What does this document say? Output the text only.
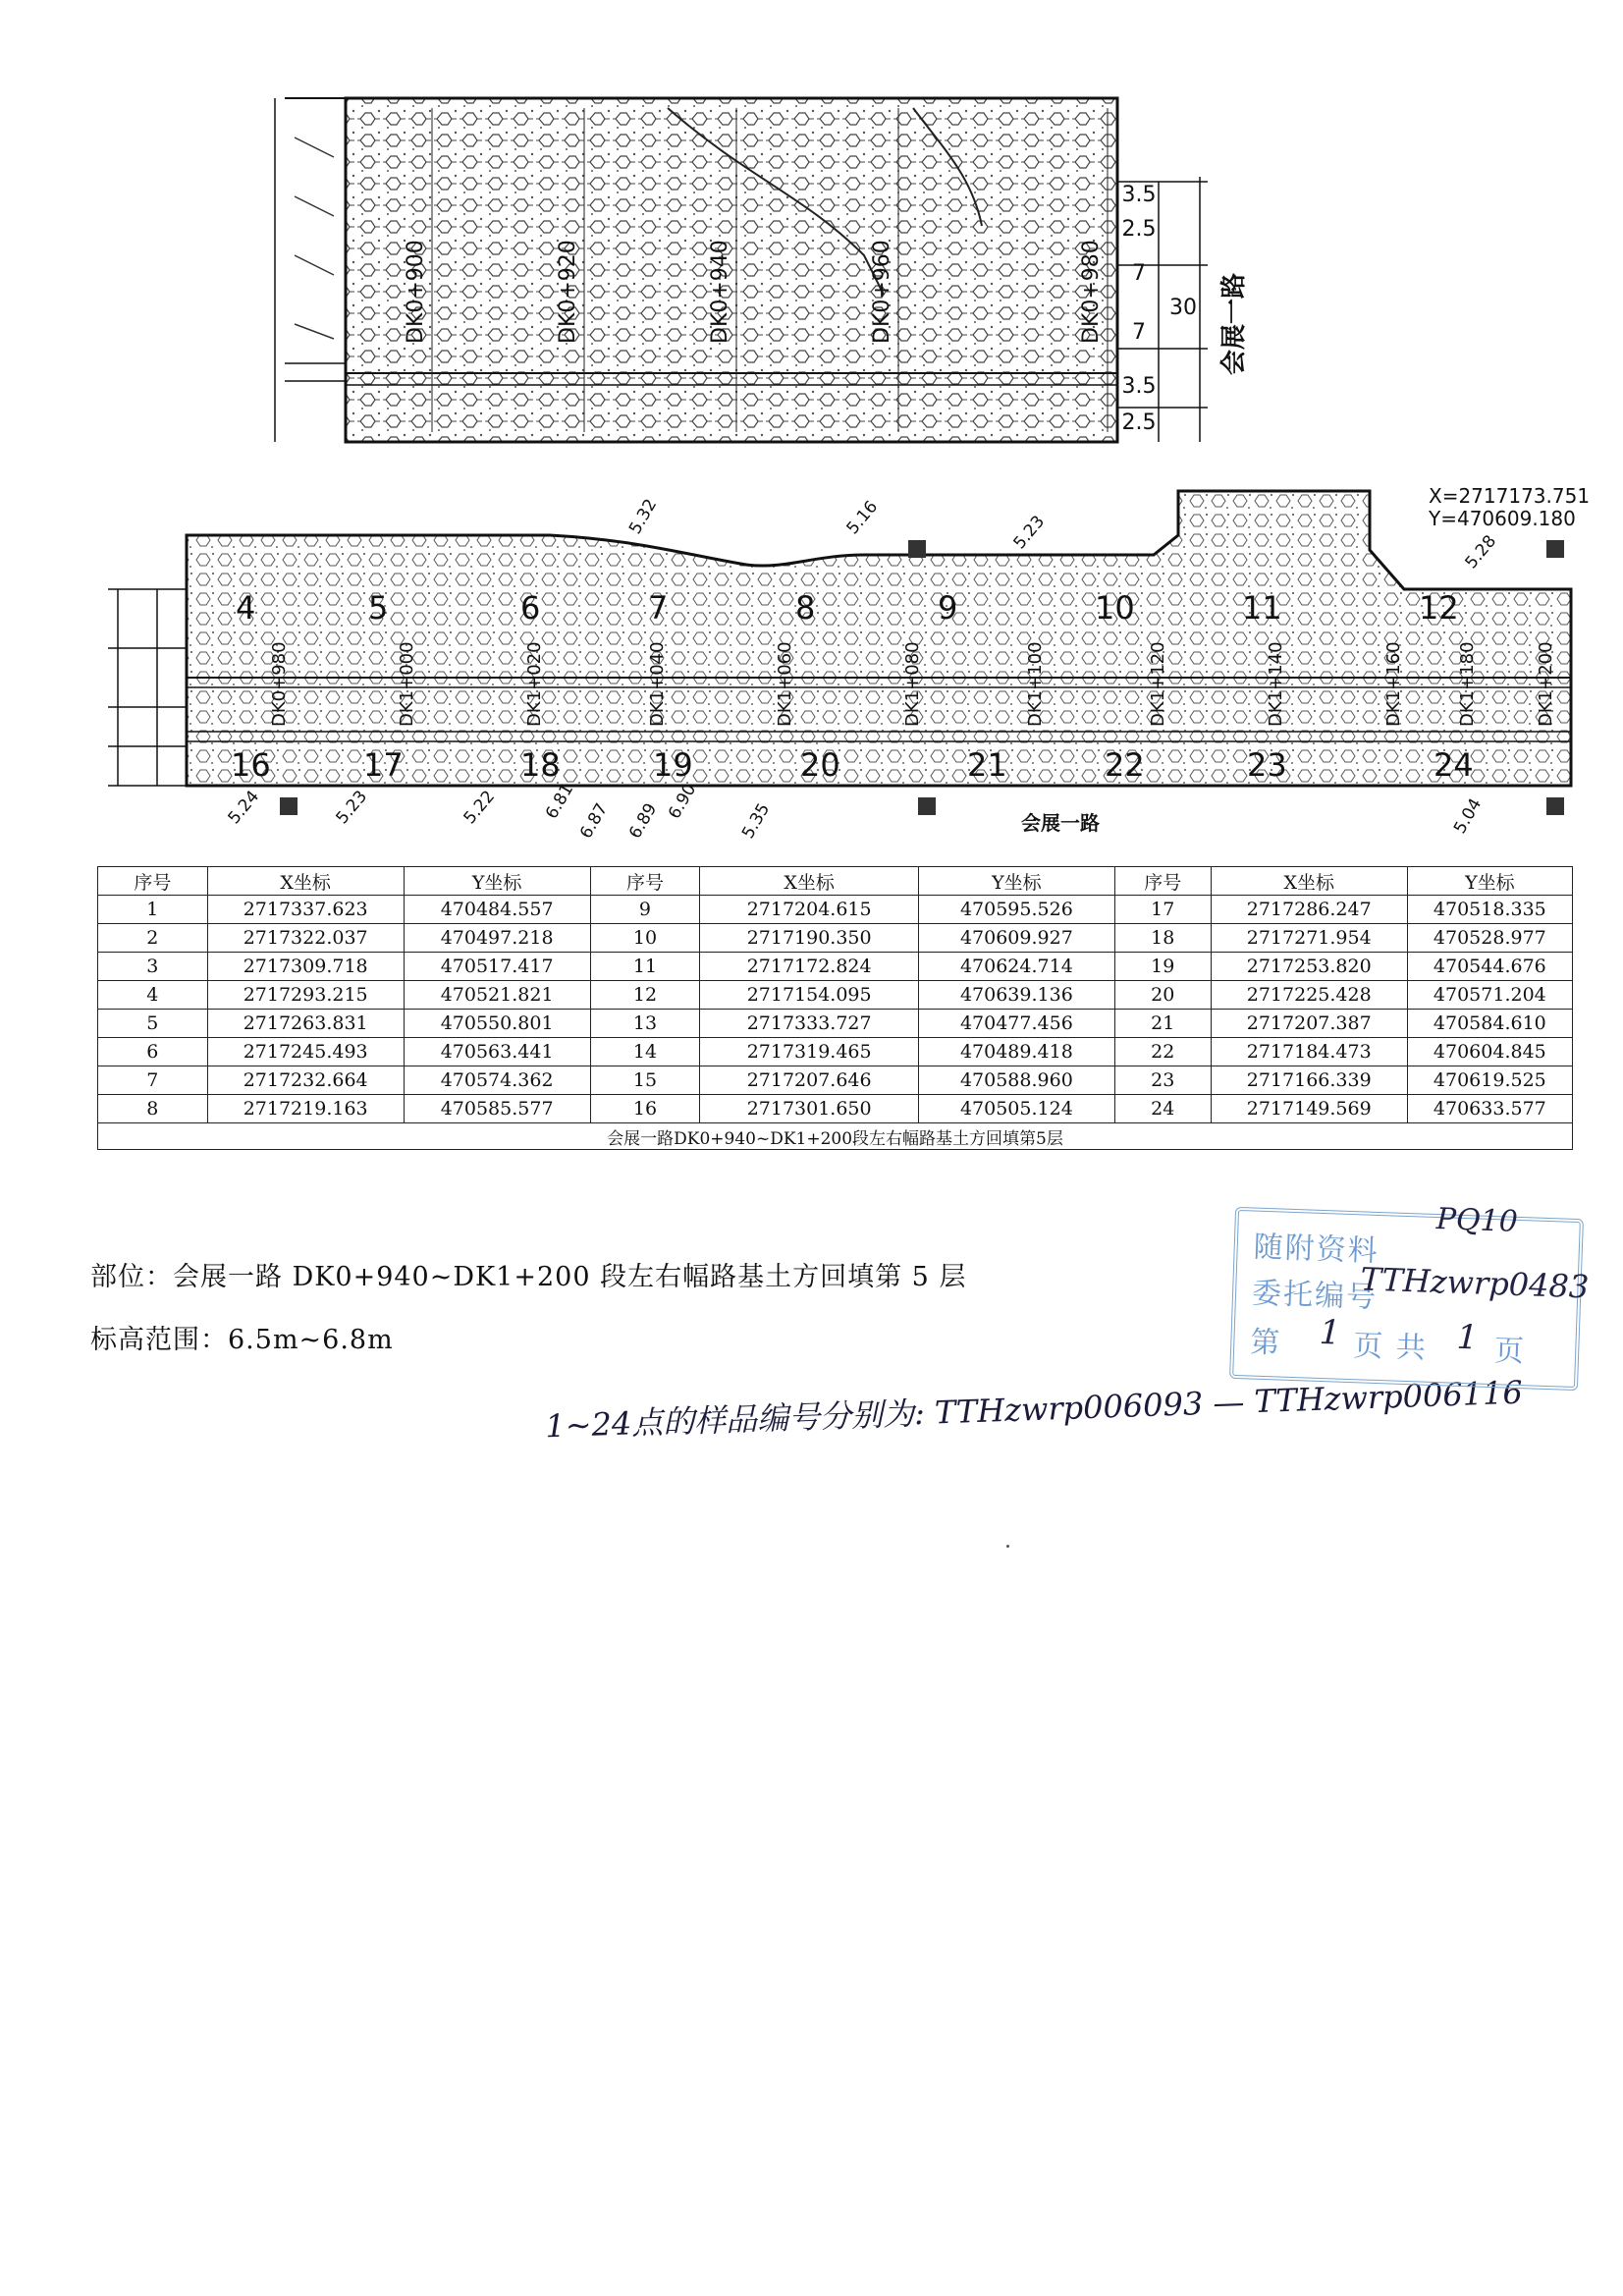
7
7
30
3.5
2.5
3.5
2.5
会展一路
DK0+900	DK0+920	DK0+940	DK0+960	DK0+980
会展一路
X=2717173.751
Y=470609.180
4	5	6	7	8	9	10	11	12
16	17	18	19	20	21	22	23	24
DK0+980	DK1+000	DK1+020	DK1+040	DK1+060	DK1+080	DK1+100	DK1+120	DK1+140	DK1+160	DK1+180	DK1+200
5.24	5.23	5.22
5.16	5.23	5.28
5.04
5.35
6.87
6.81	6.89 6.90
5.32
序号	X坐标	Y坐标	序号	X坐标	Y坐标	序号	X坐标	Y坐标
1	2717337.623	470484.557	9	2717204.615	470595.526	17	2717286.247	470518.335
2	2717322.037	470497.218	10	2717190.350	470609.927	18	2717271.954	470528.977
3	2717309.718	470517.417	11	2717172.824	470624.714	19	2717253.820	470544.676
4	2717293.215	470521.821	12	2717154.095	470639.136	20	2717225.428	470571.204
5	2717263.831	470550.801	13	2717333.727	470477.456	21	2717207.387	470584.610
6	2717245.493	470563.441	14	2717319.465	470489.418	22	2717184.473	470604.845
7	2717232.664	470574.362	15	2717207.646	470588.960	23	2717166.339	470619.525
8	2717219.163	470585.577	16	2717301.650	470505.124	24	2717149.569	470633.577
会展一路DK0+940~DK1+200段左右幅路基土方回填第5层								
部位：会展一路 DK0+940~DK1+200 段左右幅路基土方回填第 5 层
标高范围：6.5m~6.8m
1~24点的样品编号分别为: TTHzwrp006093 — TTHzwrp006116
随附资料
委托编号
第 页 共 页
PQ10
TTHzwrp0483
1	1
